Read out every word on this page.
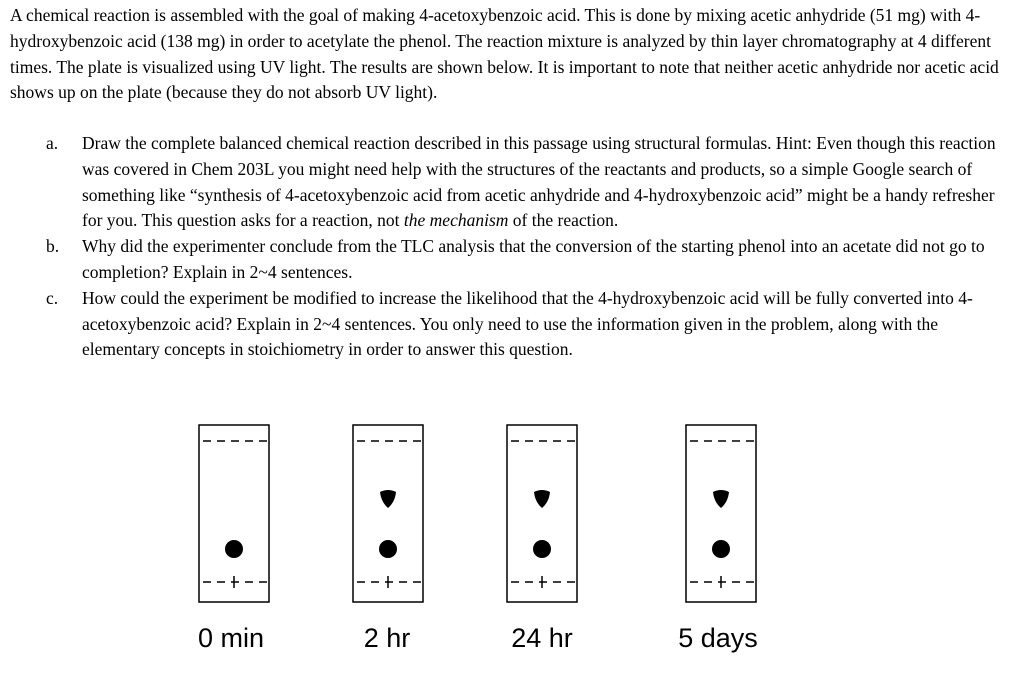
A chemical reaction is assembled with the goal of making 4-acetoxybenzoic acid. This is done by mixing acetic anhydride (51 mg) with 4-hydroxybenzoic acid (138 mg) in order to acetylate the phenol. The reaction mixture is analyzed by thin layer chromatography at 4 different times. The plate is visualized using UV light. The results are shown below. It is important to note that neither acetic anhydride nor acetic acid shows up on the plate (because they do not absorb UV light).

a. Draw the complete balanced chemical reaction described in this passage using structural formulas. Hint: Even though this reaction was covered in Chem 203L you might need help with the structures of the reactants and products, so a simple Google search of something like “synthesis of 4-acetoxybenzoic acid from acetic anhydride and 4-hydroxybenzoic acid” might be a handy refresher for you. This question asks for a reaction, not the mechanism of the reaction.
b. Why did the experimenter conclude from the TLC analysis that the conversion of the starting phenol into an acetate did not go to completion? Explain in 2~4 sentences.
c. How could the experiment be modified to increase the likelihood that the 4-hydroxybenzoic acid will be fully converted into 4-acetoxybenzoic acid? Explain in 2~4 sentences. You only need to use the information given in the problem, along with the elementary concepts in stoichiometry in order to answer this question.
0 min	2 hr	24 hr	5 days
